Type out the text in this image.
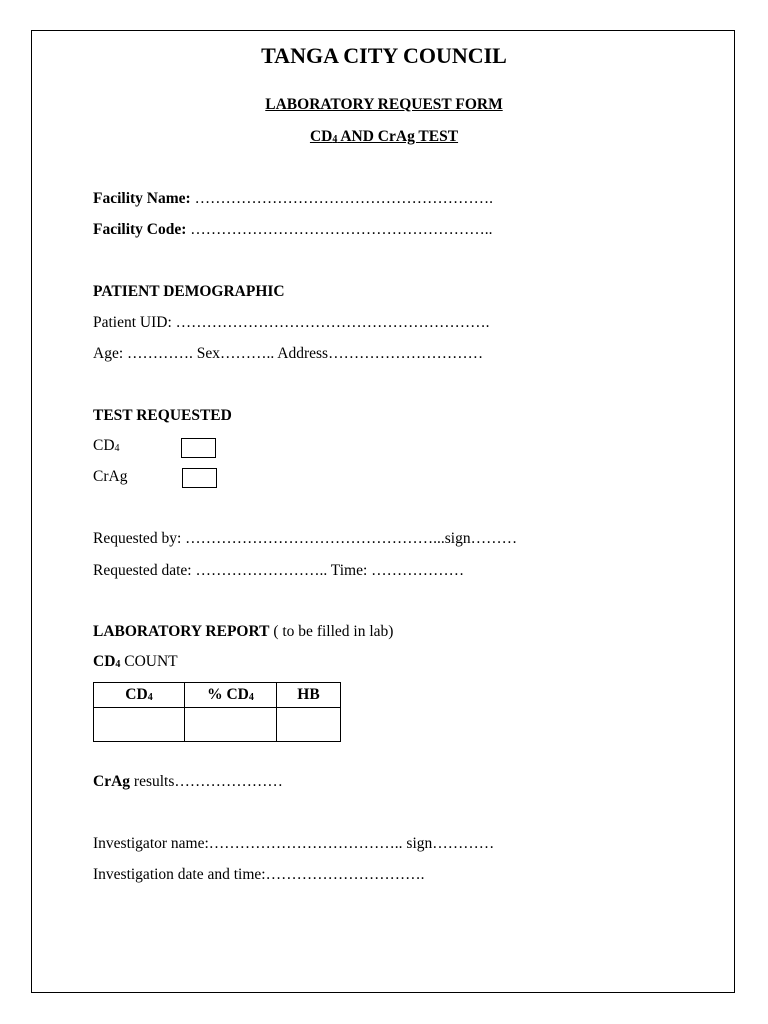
TANGA CITY COUNCIL
LABORATORY REQUEST FORM
$CD_4$ AND CrAg TEST
Facility Name: ………………………………………………….
Facility Code: …………………………………………………..
PATIENT DEMOGRAPHIC
Patient UID: …………………………………………………….
Age: …………. Sex……….. Address…………………………
TEST REQUESTED
$CD_4$
CrAg
Requested by: …………………………………………...sign………
Requested date: …………………….. Time: ………………
LABORATORY REPORT ( to be filled in lab)
$CD_4$ COUNT
$CD_4$	% $CD_4$	HB

CrAg results…………………
Investigator name:……………………………….. sign…………
Investigation date and time:………………………….
